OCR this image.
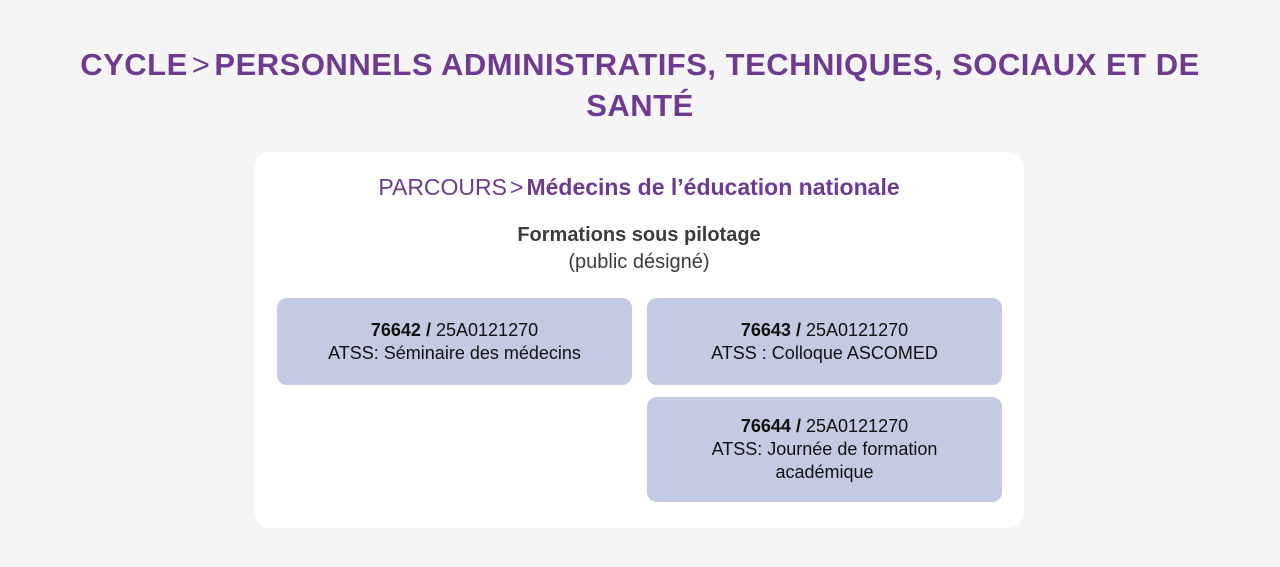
CYCLE > PERSONNELS ADMINISTRATIFS, TECHNIQUES, SOCIAUX ET DE SANTÉ
PARCOURS > Médecins de l’éducation nationale
Formations sous pilotage
(public désigné)
76642 / 25A0121270
ATSS: Séminaire des médecins
76643 / 25A0121270
ATSS : Colloque ASCOMED
76644 / 25A0121270
ATSS: Journée de formation académique
